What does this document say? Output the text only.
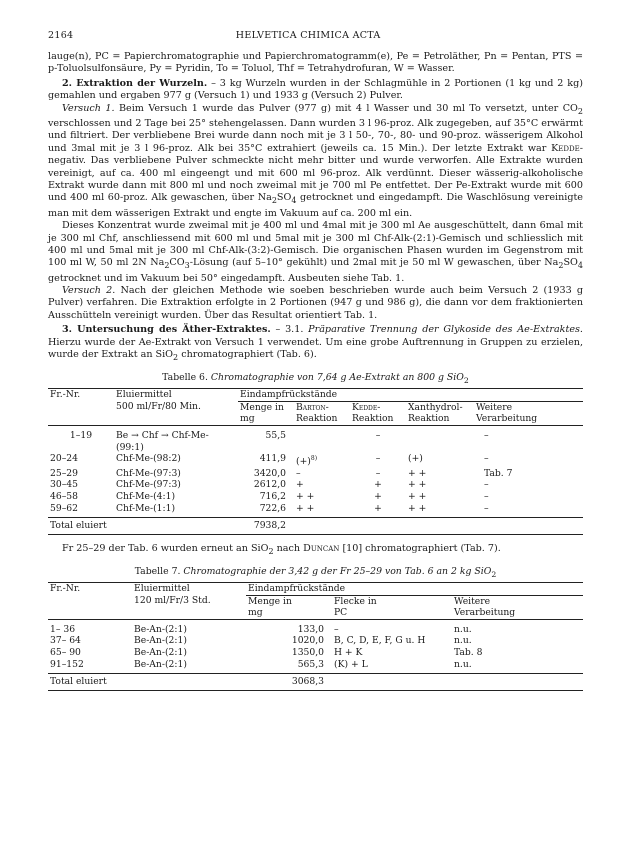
2164	HELVETICA CHIMICA ACTA

lauge(n), PC = Papierchromatographie und Papierchromatogramm(e), Pe = Petroläther, Pn = Pentan, PTS = p-Toluolsulfonsäure, Py = Pyridin, To = Toluol, Thf = Tetrahydrofuran, W = Wasser.

2. Extraktion der Wurzeln. – 3 kg Wurzeln wurden in der Schlagmühle in 2 Portionen (1 kg und 2 kg) gemahlen und ergaben 977 g (Versuch 1) und 1933 g (Versuch 2) Pulver.

Versuch 1. Beim Versuch 1 wurde das Pulver (977 g) mit 4 l Wasser und 30 ml To versetzt, unter $CO_2$ verschlossen und 2 Tage bei 25° stehengelassen. Dann wurden 3 l 96-proz. Alk zugegeben, auf 35°C erwärmt und filtriert. Der verbliebene Brei wurde dann noch mit je 3 l 50-, 70-, 80- und 90-proz. wässerigem Alkohol und 3mal mit je 3 l 96-proz. Alk bei 35°C extrahiert (jeweils ca. 15 Min.). Der letzte Extrakt war Kedde-negativ. Das verbliebene Pulver schmeckte nicht mehr bitter und wurde verworfen. Alle Extrakte wurden vereinigt, auf ca. 400 ml eingeengt und mit 600 ml 96-proz. Alk verdünnt. Dieser wässerig-alkoholische Extrakt wurde dann mit 800 ml und noch zweimal mit je 700 ml Pe entfettet. Der Pe-Extrakt wurde mit 600 und 400 ml 60-proz. Alk gewaschen, über $Na_2SO_4$ getrocknet und eingedampft. Die Waschlösung vereinigte man mit dem wässerigen Extrakt und engte im Vakuum auf ca. 200 ml ein.

Dieses Konzentrat wurde zweimal mit je 400 ml und 4mal mit je 300 ml Ae ausgeschüttelt, dann 6mal mit je 300 ml Chf, anschliessend mit 600 ml und 5mal mit je 300 ml Chf-Alk-(2:1)-Gemisch und schliesslich mit 400 ml und 5mal mit je 300 ml Chf-Alk-(3:2)-Gemisch. Die organischen Phasen wurden im Gegenstrom mit 100 ml W, 50 ml 2N $Na_2CO_3$-Lösung (auf 5–10° gekühlt) und 2mal mit je 50 ml W gewaschen, über $Na_2SO_4$ getrocknet und im Vakuum bei 50° eingedampft. Ausbeuten siehe Tab. 1.

Versuch 2. Nach der gleichen Methode wie soeben beschrieben wurde auch beim Versuch 2 (1933 g Pulver) verfahren. Die Extraktion erfolgte in 2 Portionen (947 g und 986 g), die dann vor dem fraktionierten Ausschütteln vereinigt wurden. Über das Resultat orientiert Tab. 1.

3. Untersuchung des Äther-Extraktes. – 3.1. Präparative Trennung der Glykoside des Ae-Extraktes. Hierzu wurde der Ae-Extrakt von Versuch 1 verwendet. Um eine grobe Auftrennung in Gruppen zu erzielen, wurde der Extrakt an SiO$_2$ chromatographiert (Tab. 6).

Tabelle 6. Chromatographie von 7,64 g Ae-Extrakt an 800 g SiO$_2$
Fr.-Nr.	Eluiermittel	Eindampfrückstände				
	500 ml/Fr/80 Min.	Menge in	Barton-	Kedde-	Xanthydrol-	Weitere
		mg	Reaktion	Reaktion	Reaktion	Verarbeitung

1–19	Be → Chf → Chf-Me-	55,5		–		–
	(99:1)					
20–24	Chf-Me-(98:2)	411,9	$(+)^{8)}$	–	(+)	–
25–29	Chf-Me-(97:3)	3420,0	–	–	+ +	Tab. 7
30–45	Chf-Me-(97:3)	2612,0	+	+	+ +	–
46–58	Chf-Me-(4:1)	716,2	+ +	+	+ +	–
59–62	Chf-Me-(1:1)	722,6	+ +	+	+ +	–
Total eluiert		7938,2				

Fr 25–29 der Tab. 6 wurden erneut an SiO$_2$ nach Duncan [10] chromatographiert (Tab. 7).

Tabelle 7. Chromatographie der 3,42 g der Fr 25–29 von Tab. 6 an 2 kg SiO$_2$
Fr.-Nr.	Eluiermittel	Eindampfrückstände		
	120 ml/Fr/3 Std.	Menge in	Flecke in	Weitere
		mg	PC	Verarbeitung

1– 36	Be-An-(2:1)	133,0	–	n.u.
37– 64	Be-An-(2:1)	1020,0	B, C, D, E, F, G u. H	n.u.
65– 90	Be-An-(2:1)	1350,0	H + K	Tab. 8
91–152	Be-An-(2:1)	565,3	(K) + L	n.u.
Total eluiert		3068,3		
